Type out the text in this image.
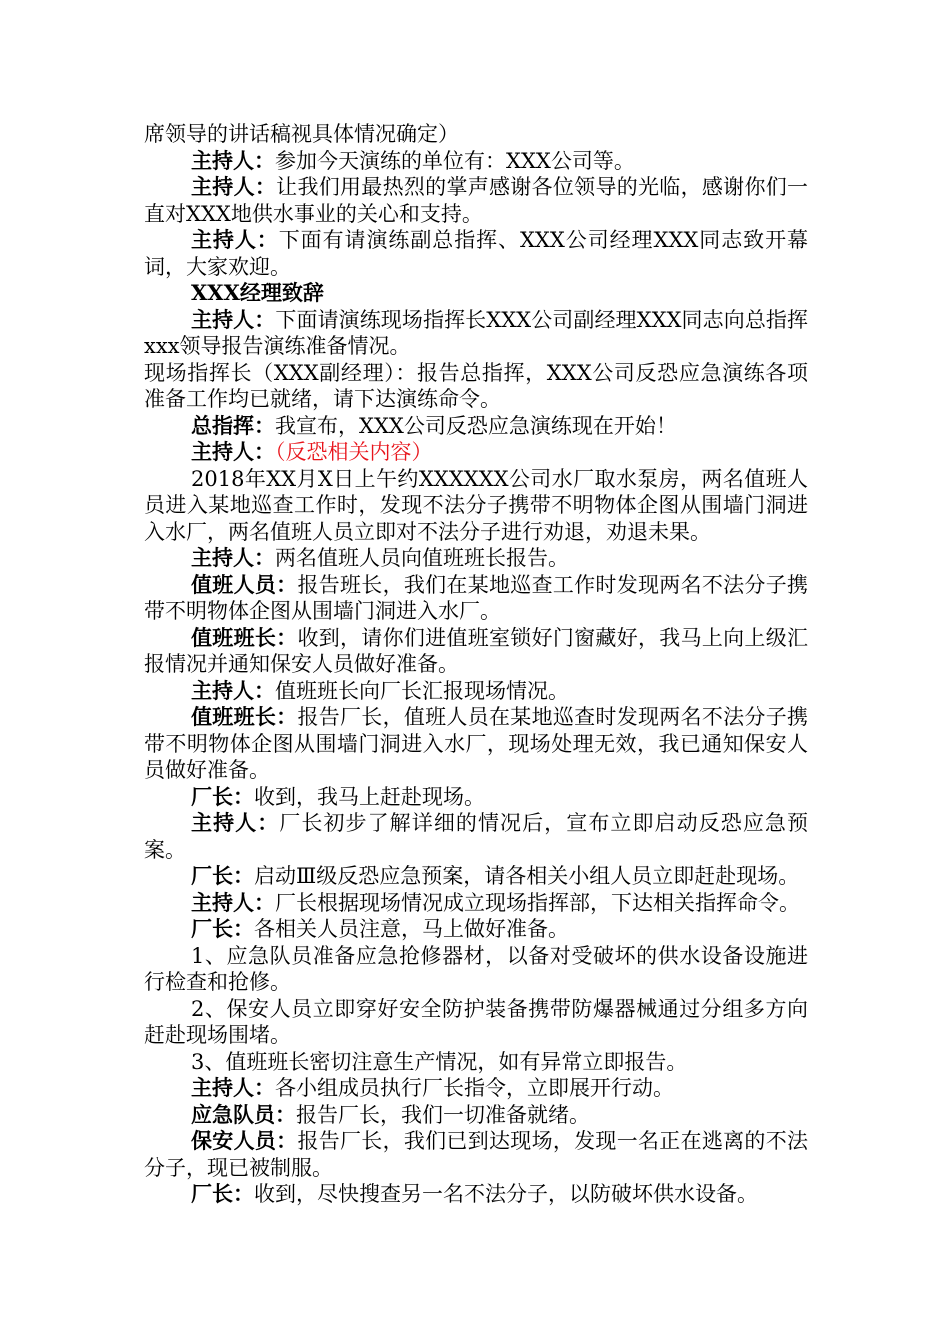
席领导的讲话稿视具体情况确定）

主持人：参加今天演练的单位有：XXX公司等。

主持人：让我们用最热烈的掌声感谢各位领导的光临，感谢你们一直对XXX地供水事业的关心和支持。

主持人：下面有请演练副总指挥、XXX公司经理XXX同志致开幕词，大家欢迎。

XXX经理致辞

主持人：下面请演练现场指挥长XXX公司副经理XXX同志向总指挥xxx领导报告演练准备情况。

现场指挥长（XXX副经理）：报告总指挥，XXX公司反恐应急演练各项准备工作均已就绪，请下达演练命令。

总指挥：我宣布，XXX公司反恐应急演练现在开始！

主持人：（反恐相关内容）

2018年XX月X日上午约XXXXXX公司水厂取水泵房，两名值班人员进入某地巡查工作时，发现不法分子携带不明物体企图从围墙门洞进入水厂，两名值班人员立即对不法分子进行劝退，劝退未果。

主持人：两名值班人员向值班班长报告。

值班人员：报告班长，我们在某地巡查工作时发现两名不法分子携带不明物体企图从围墙门洞进入水厂。

值班班长：收到，请你们进值班室锁好门窗藏好，我马上向上级汇报情况并通知保安人员做好准备。

主持人：值班班长向厂长汇报现场情况。

值班班长：报告厂长，值班人员在某地巡查时发现两名不法分子携带不明物体企图从围墙门洞进入水厂，现场处理无效，我已通知保安人员做好准备。

厂长：收到，我马上赶赴现场。

主持人：厂长初步了解详细的情况后，宣布立即启动反恐应急预案。

厂长：启动Ⅲ级反恐应急预案，请各相关小组人员立即赶赴现场。

主持人：厂长根据现场情况成立现场指挥部，下达相关指挥命令。

厂长：各相关人员注意，马上做好准备。

1、应急队员准备应急抢修器材，以备对受破坏的供水设备设施进行检查和抢修。

2、保安人员立即穿好安全防护装备携带防爆器械通过分组多方向赶赴现场围堵。

3、值班班长密切注意生产情况，如有异常立即报告。

主持人：各小组成员执行厂长指令，立即展开行动。

应急队员：报告厂长，我们一切准备就绪。

保安人员：报告厂长，我们已到达现场，发现一名正在逃离的不法分子，现已被制服。

厂长：收到，尽快搜查另一名不法分子，以防破坏供水设备。
